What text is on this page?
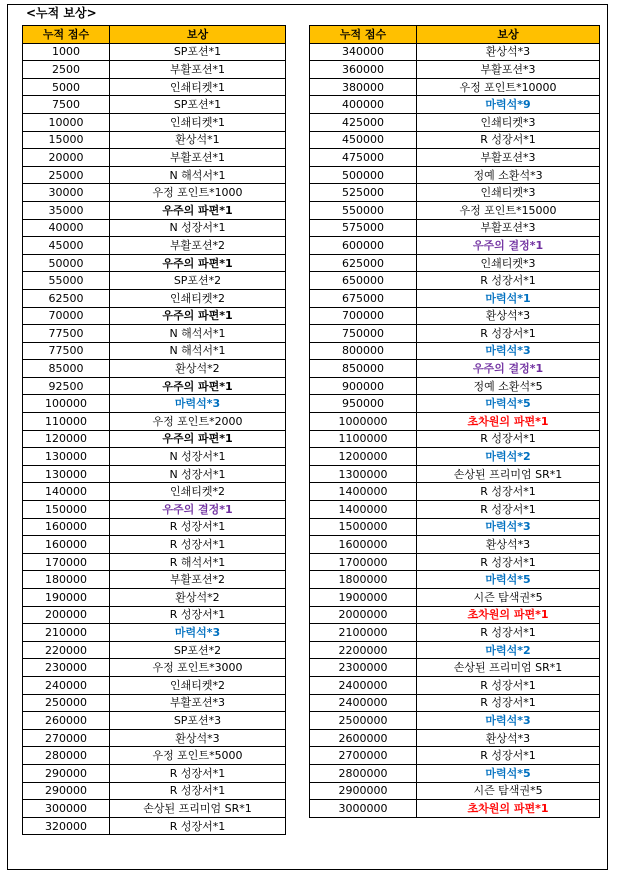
<누적 보상>
누적 점수	보상
1000	SP포션*1
2500	부활포션*1
5000	인쇄티켓*1
7500	SP포션*1
10000	인쇄티켓*1
15000	환상석*1
20000	부활포션*1
25000	N 해석서*1
30000	우정 포인트*1000
35000	우주의 파편*1
40000	N 성장서*1
45000	부활포션*2
50000	우주의 파편*1
55000	SP포션*2
62500	인쇄티켓*2
70000	우주의 파편*1
77500	N 해석서*1
77500	N 해석서*1
85000	환상석*2
92500	우주의 파편*1
100000	마력석*3
110000	우정 포인트*2000
120000	우주의 파편*1
130000	N 성장서*1
130000	N 성장서*1
140000	인쇄티켓*2
150000	우주의 결정*1
160000	R 성장서*1
160000	R 성장서*1
170000	R 해석서*1
180000	부활포션*2
190000	환상석*2
200000	R 성장서*1
210000	마력석*3
220000	SP포션*2
230000	우정 포인트*3000
240000	인쇄티켓*2
250000	부활포션*3
260000	SP포션*3
270000	환상석*3
280000	우정 포인트*5000
290000	R 성장서*1
290000	R 성장서*1
300000	손상된 프리미엄 SR*1
320000	R 성장서*1
누적 점수	보상
340000	환상석*3
360000	부활포션*3
380000	우정 포인트*10000
400000	마력석*9
425000	인쇄티켓*3
450000	R 성장서*1
475000	부활포션*3
500000	정예 소환석*3
525000	인쇄티켓*3
550000	우정 포인트*15000
575000	부활포션*3
600000	우주의 결정*1
625000	인쇄티켓*3
650000	R 성장서*1
675000	마력석*1
700000	환상석*3
750000	R 성장서*1
800000	마력석*3
850000	우주의 결정*1
900000	정예 소환석*5
950000	마력석*5
1000000	초차원의 파편*1
1100000	R 성장서*1
1200000	마력석*2
1300000	손상된 프리미엄 SR*1
1400000	R 성장서*1
1400000	R 성장서*1
1500000	마력석*3
1600000	환상석*3
1700000	R 성장서*1
1800000	마력석*5
1900000	시즌 탐색권*5
2000000	초차원의 파편*1
2100000	R 성장서*1
2200000	마력석*2
2300000	손상된 프리미엄 SR*1
2400000	R 성장서*1
2400000	R 성장서*1
2500000	마력석*3
2600000	환상석*3
2700000	R 성장서*1
2800000	마력석*5
2900000	시즌 탐색권*5
3000000	초차원의 파편*1
